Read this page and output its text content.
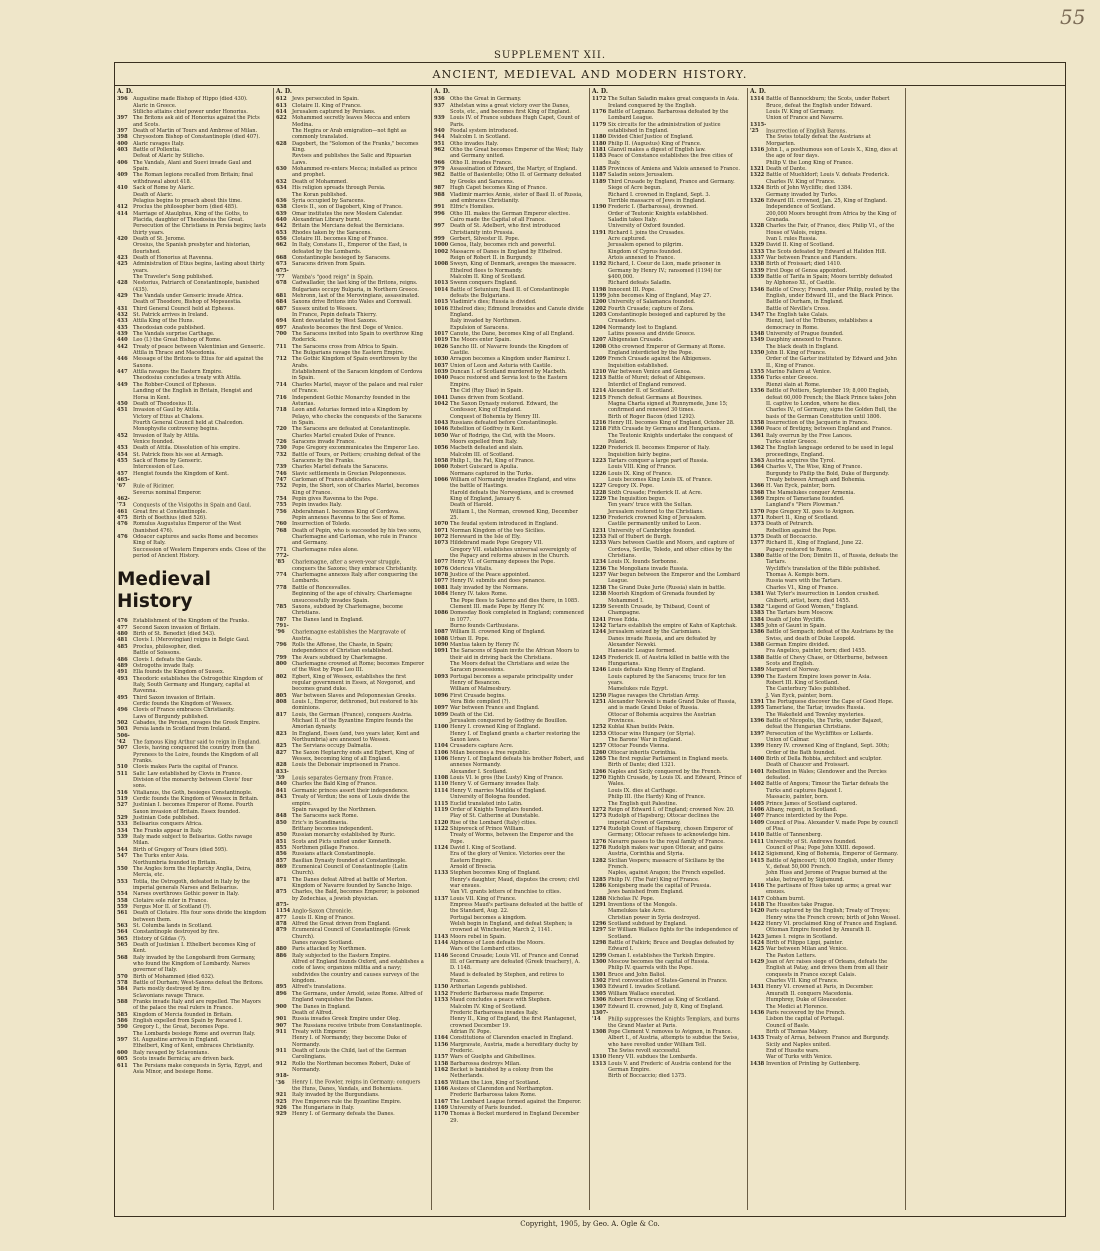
55
SUPPLEMENT XII.
ANCIENT, MEDIEVAL AND MODERN HISTORY.
A. D.
396 Augustine made Bishop of Hippo (died 430).
Alaric in Greece.
Stilicho attains chief power under Honorius.
397 The Britons ask aid of Honorius against the Picts and Scots.
397 Death of Martin of Tours and Ambrose of Milan.
398 Chrysostom Bishop of Constantinople (died 407).
400 Alaric ravages Italy.
403 Battle of Pollentia.
Defeat of Alaric by Stilicho.
406 The Vandals, Alani and Suevi invade Gaul and Spain.
409 The Roman legions recalled from Britain; final withdrawal about 418.
410 Sack of Rome by Alaric.
Death of Alaric.
Pelagius begins to preach about this time.
412 Proclus the philosopher born (died 485).
414 Marriage of Ataulphus, King of the Goths, to Placida, daughter of Theodosius the Great.
Persecution of the Christians in Persia begins; lasts thirty years.
420 Death of St. Jerome.
Orosius, the Spanish presbyter and historian, flourished.
423 Death of Honorius at Ravenna.
425 Administration of Etius begins, lasting about thirty years.
The Traveler's Song published.
428 Nestorius, Patriarch of Constantinople, banished (435).
429 The Vandals under Genseric invade Africa.
Death of Theodore, Bishop of Mopsuestia.
431 Third General Council held at Ephesus.
432 St. Patrick arrives in Ireland.
433 Attila King of the Huns.
435 Theodosian code published.
439 The Vandals surprise Carthage.
440 Leo (I.) the Great Bishop of Rome.
442 Treaty of peace between Valentinian and Genseric.
Attila in Thrace and Macedonia.
446 Message of the Britons to Etius for aid against the Saxons.
447 Attila ravages the Eastern Empire.
Theodosius concludes a treaty with Attila.
449 The Robber-Council of Ephesus.
Landing of the English in Britain, Hengist and Horsa in Kent.
450 Death of Theodosius II.
451 Invasion of Gaul by Attila.
Victory of Etius at Chalons.
Fourth General Council held at Chalcedon.
Monophysite controversy begins.
452 Invasion of Italy by Attila.
Venice founded.
453 Death of Attila. Dissolution of his empire.
454 St. Patrick fixes his see at Armagh.
455 Sack of Rome by Genseric.
Intercession of Leo.
457 Hengist founds the Kingdom of Kent.
465-'67 Rule of Ricimer.
Severus nominal Emperor.
462-'73 Conquests of the Visigoths in Spain and Gaul.
461 Great fire at Constantinople.
475 Birth of Boethius (died 526).
476 Romulus Augustulus Emperor of the West (banished 476).
476 Odoacer captures and sacks Rome and becomes King of Italy.
Succession of Western Emperors ends. Close of the period of Ancient History.
Medieval History
476 Establishment of the Kingdom of the Franks.
477 Second Saxon invasion of Britain.
480 Birth of St. Benedict (died 543).
481 Clovis I. (Merovingian) reigns in Belgic Gaul.
485 Proclus, philosopher, died.
Battle of Soissons.
486 Clovis I. defeats the Gauls.
489 Ostrogoths invade Italy.
491 Ella founds the Kingdom of Sussex.
493 Theodoric establishes the Ostrogothic Kingdom of Italy, South Germany and Hungary, capital at Ravenna.
495 Third Saxon invasion of Britain.
Cerdic founds the Kingdom of Wessex.
496 Clovis of France embraces Christianity.
Laws of Burgundy published.
502 Cabades, the Persian, ravages the Greek Empire.
503 Persia lands in Scotland from Ireland.
506-'42 The famous King Arthur said to reign in England.
507 Clovis, having conquered the country from the Pyrenees to the Loire, founds the Kingdom of all Franks.
510 Clovis makes Paris the capital of France.
511 Salic Law established by Clovis in France.
Division of the monarchy between Clovis' four sons.
516 Vitalianus, the Goth, besieges Constantinople.
519 Cerdic founds the Kingdom of Wessex in Britain.
527 Justinian I. becomes Emperor of Rome. Fourth Saxon invasion of Britain. Essex founded.
529 Justinian Code published.
533 Belisarius conquers Africa.
534 The Franks appear in Italy.
539 Italy made subject to Belisarius. Goths ravage Milan.
544 Birth of Gregory of Tours (died 595).
547 The Turks enter Asia.
Northumbria founded in Britain.
550 The Angles form the Heptarchy Anglia, Deira, Mercia, etc.
553 Totila, the Ostrogoth, defeated in Italy by the imperial generals Narses and Belisarius.
554 Narses overthrows Gothic power in Italy.
558 Clotaire sole ruler in France.
559 Fergus Mor II. of Scotland (?).
561 Death of Clotaire. His four sons divide the kingdom between them.
563 St. Columba lands in Scotland.
564 Constantinople destroyed by fire.
565 History of Gildas (?).
565 Death of Justinian I. Ethelbert becomes King of Kent.
568 Italy invaded by the Longobardi from Germany, who found the Kingdom of Lombardy. Narses governor of Italy.
570 Birth of Mohammed (died 632).
578 Battle of Durham; West-Saxons defeat the Britons.
584 Paris mostly destroyed by fire.
Sclavonians ravage Thrace.
588 Franks invade Italy and are repelled. The Mayors of the palace the real rulers in France.
585 Kingdom of Mercia founded in Britain.
586 English expelled from Spain by Recared I.
590 Gregory I., the Great, becomes Pope.
The Lombards besiege Rome and overrun Italy.
597 St. Augustine arrives in England.
Ethelbert, King of Kent, embraces Christianity.
600 Italy ravaged by Sclavonians.
605 Scots invade Bernicia; are driven back.
611 The Persians make conquests in Syria, Egypt, and Asia Minor, and besiege Rome.
A. D.
612 Jews persecuted in Spain.
613 Clotaire II. King of France.
614 Jerusalem captured by Persians.
622 Mohammed secretly leaves Mecca and enters Medina.
The Hegira or Arab emigration—not fight as commonly translated.
628 Dagobert, the "Solomon of the Franks," becomes King.
Revises and publishes the Salic and Ripuarian Laws.
630 Mohammed re-enters Mecca; installed as prince and prophet.
632 Death of Mohammed.
634 His religion spreads through Persia.
The Koran published.
636 Syria occupied by Saracens.
638 Clovis II., son of Dagobert, King of France.
639 Omar institutes the new Moslem Calendar.
640 Alexandrian Library burnt.
642 Britain the Mercians defeat the Bernicians.
653 Rhodes taken by the Saracens.
656 Clotaire III. becomes King of France.
662 In Italy, Constans II., Emperor of the East, is defeated by the Lombards.
668 Constantinople besieged by Saracens.
673 Saracens driven from Spain.
675-'77 Wamba's "good reign" in Spain.
678 Cadwallader, the last king of the Britons, reigns.
Bulgarians occupy Bulgaria, in Northern Greece.
681 Mehronn, last of the Merovingians, assassinated.
684 Saxons drive Britons into Wales and Cornwall.
687 Sussex united to Wessex.
In France, Pepin defeats Thierry.
694 Kent devastated by West Saxons.
697 Anafesto becomes the first Doge of Venice.
700 The Saracens invited into Spain to overthrow King Roderick.
711 The Saracens cross from Africa to Spain.
The Bulgarians ravage the Eastern Empire.
712 The Gothic Kingdom of Spain overthrown by the Arabs.
Establishment of the Saracen kingdom of Cordova in Spain.
714 Charles Martel, mayor of the palace and real ruler of France.
716 Independent Gothic Monarchy founded in the Asturias.
718 Leon and Asturias formed into a Kingdom by Pelayo, who checks the conquests of the Saracens in Spain.
720 The Saracens are defeated at Constantinople.
Charles Martel created Duke of France.
726 Saracens invade France.
730 Pope Gregory excommunicates the Emperor Leo.
732 Battle of Tours, or Poitiers; crushing defeat of the Saracens by the Franks.
739 Charles Martel defeats the Saracens.
746 Slavic settlements in Grecian Peloponnesus.
747 Carloman of France abdicates.
752 Pepin, the Short, son of Charles Martel, becomes King of France.
754 Pepin gives Ravenna to the Pope.
755 Pepin invades Italy.
756 Abderahman I. becomes King of Cordova.
Pepin annexes Ravenna to the See of Rome.
760 Insurrection of Toledo.
768 Death of Pepin, who is succeeded by his two sons, Charlemagne and Carloman, who rule in France and Germany.
771 Charlemagne rules alone.
772-'85 Charlemagne, after a seven-year struggle, conquers the Saxons; they embrace Christianity.
774 Charlemagne annexes Italy after conquering the Lombards.
778 Battle of Roncesvalles.
Beginning of the age of chivalry. Charlemagne unsuccessfully invades Spain.
785 Saxons, subdued by Charlemagne, become Christians.
787 The Danes land in England.
791-'96 Charlemagne establishes the Margravate of Austria.
796 Rolls the Affonse, the Chaste, in Spain; independence of Christian established.
799 The Avars subdued by Charlemagne.
800 Charlemagne crowned at Rome; becomes Emperor of the West by Pope Leo III.
802 Egbert, King of Wessex, establishes the first regular government in Essex, at Novgorod, and becomes grand duke.
805 War between Slaves and Peloponnesian Greeks.
808 Louis I., Emperor, dethroned, but restored to his dominions.
817 Louis, the German (France), conquers Austria.
Michael II. of the Byzantine Empire founds the Amorian dynasty.
823 In England, Essex (and, two years later, Kent and Northumbria) are annexed to Wessex.
825 The Servians occupy Dalmatia.
827 The Saxon Heptarchy ends and Egbert, King of Wessex, becoming king of all England.
828 Louis the Debonair imprisoned in France.
833-'39 Louis separates Germany from France.
840 Charles the Bald King of France.
841 Germanic princes assert their independence.
843 Treaty of Verdun; the sons of Louis divide the empire.
Spain ravaged by the Northmen.
848 The Saracens sack Rome.
850 Eric's in Scandinavia.
Brittany becomes independent.
850 Russian monarchy established by Ruric.
851 Scots and Picts united under Kenneth.
855 Northmen pillage France.
856 Russians attack Constantinople.
857 Basilian Dynasty founded at Constantinople.
869 Ecumenical Council of Constantinople (Latin Church).
871 The Danes defeat Alfred at battle of Merton.
Kingdom of Navarre founded by Sancho Inigo.
875 Charles, the Bald, becomes Emperor; is poisoned by Zedechias, a Jewish physician.
875-1154 Anglo-Saxon Chronicle.
877 Louis II. King of France.
878 Alfred the Great driven from England.
879 Ecumenical Council of Constantinople (Greek Church).
Danes ravage Scotland.
880 Paris attacked by Northmen.
886 Italy subjected to the Eastern Empire.
Alfred of England founds Oxford, and establishes a code of laws; organizes militia and a navy; subdivides the country and causes surveys of the kingdom.
895 Alfred's translations.
896 The Germans, under Arnold, seize Rome. Alfred of England vanquishes the Danes.
900 The Danes in England.
Death of Alfred.
901 Russia invades Greek Empire under Oleg.
907 The Russians receive tribute from Constantinople.
911 Treaty with Emperor.
Henry I. of Normandy; they become Duke of Normandy.
911 Death of Louis the Child, last of the German Carolingians.
912 Rollo the Northman becomes Robert, Duke of Normandy.
918-'36 Henry I. the Fowler, reigns in Germany; conquers the Huns, Danes, Vandals, and Bohemians.
921 Italy invaded by the Burgundians.
925 Five Emperors rule the Byzantine Empire.
926 The Hungarians in Italy.
929 Henry I. of Germany defeats the Danes.
A. D.
936 Otho the Great in Germany.
937 Athelstan wins a great victory over the Danes, Scots, etc., and becomes first King of England.
939 Louis IV. of France subdues Hugh Capet, Count of Paris.
940 Feodal system introduced.
944 Malcolm I. in Scotland.
951 Otho invades Italy.
962 Otho the Great becomes Emperor of the West; Italy and Germany united.
966 Otho II. invades France.
979 Assassination of Edward, the Martyr, of England.
982 Battle of Basientello; Otho II. of Germany defeated by Greeks and Saracens.
987 Hugh Capet becomes King of France.
988 Vladimir marries Annie, sister of Basil II. of Russia, and embraces Christianity.
991 Elfric's Homilies.
996 Otho III. makes the German Emperor elective.
Cairo made the Capital of all France.
997 Death of St. Adelbert, who first introduced Christianity into Prussia.
999 Gerbert, Silvester II. Pope.
1000 Genoa, Italy, becomes rich and powerful.
1002 Massacre of Danes in England by Ethelred.
Reign of Robert II. in Burgundy.
1008 Sweyn, King of Denmark, avenges the massacre.
Ethelred flees to Normandy.
Malcolm II. King of Scotland.
1013 Swenn conquers England.
1014 Battle of Setunium; Basil II. of Constantinople defeats the Bulgarians.
1015 Vladimir's dies; Russia is divided.
1016 Ethelred dies; Edmund Ironsides and Canute divide England.
Italy invaded by Northmen.
Expulsion of Saracens.
1017 Canute, the Dane, becomes King of all England.
1019 The Moors enter Spain.
1026 Sancho III. of Navarre founds the Kingdom of Castile.
1030 Arragon becomes a Kingdom under Ramirez I.
1037 Union of Leon and Asturia with Castile.
1039 Duncan I. of Scotland murdered by Macbeth.
1040 Peace restored and Servia lost to the Eastern Empire.
The Cid (Ruy Diaz) in Spain.
1041 Danes driven from Scotland.
1042 The Saxon Dynasty restored. Edward, the Confessor, King of England.
Conquest of Bohemia by Henry III.
1043 Russians defeated before Constantinople.
1046 Rebellion of Godfrey in Kent.
1050 War of Rodrigo, the Cid, with the Moors.
Moors expelled from Italy.
1056 Macbeth defeated and slain.
Malcolm III. of Scotland.
1058 Philip I., the Fat, King of France.
1060 Robert Guiscard is Apulia.
Normans captured in the Turks.
1066 William of Normandy invades England, and wins the battle of Hastings.
Harold defeats the Norwegians, and is crowned King of England, January 6.
Death of Harold.
William I., the Norman, crowned King, December 25.
1070 The feudal system introduced in England.
1071 Norman Kingdom of the two Sicilies.
1072 Hereward in the Isle of Ely.
1073 Hildebrand made Pope Gregory VII.
Gregory VII. establishes universal sovereignty of the Papacy and reforms abuses in the Church.
1077 Henry VI. of Germany deposes the Pope.
1076 Odericus Vitalis.
1078 Justice of the Peace appointed.
1077 Henry IV. submits and does penance.
1081 Italy invaded by the Normans.
1084 Henry IV. takes Rome.
The Pope flees to Salerno and dies there, in 1085.
Clement III. made Pope by Henry IV.
1086 Domesday Book completed in England; commenced in 1077.
Burno founds Carthusians.
1087 William II. crowned King of England.
1088 Urban II. Pope.
1090 Mantua taken by Henry IV.
1091 The Saracens of Spain invite the African Moors to their aid in driving back the Christians.
The Moors defeat the Christians and seize the Saracen possessions.
1093 Portugal becomes a separate principality under Henry of Besancon.
William of Malmesbury.
1096 First Crusade begins.
Vera Bide compiled (?).
1097 War between France and England.
1099 Death of the Cid.
Jerusalem conquered by Godfrey de Bouillon.
1100 Henry I. crowned King of England.
Henry I. of England grants a charter restoring the Saxon laws.
1104 Crusaders capture Acre.
1106 Milan becomes a free republic.
1106 Henry I. of England defeats his brother Robert, and annexes Normandy.
Alexander I. Scotland.
1108 Louis VI. le gros (the Lusty) King of France.
1110 Henry V. of Germany invades Italy.
1114 Henry V. marries Matilda of England.
University of Bologna founded.
1115 Euclid translated into Latin.
1119 Order of Knights Templars founded.
Play of St. Catherine at Dunstable.
1120 Rise of the Lombard (Italy) cities.
1122 Shipwreck of Prince William.
Treaty of Worms, between the Emperor and the Pope.
1124 David I. King of Scotland.
Era of the glory of Venice. Victories over the Eastern Empire.
Arnold of Brescia.
1133 Stephen becomes King of England.
Henry's daughter, Maud, disputes the crown; civil war ensues.
Van VI. grants letters of franchise to cities.
1137 Louis VII. King of France.
Empress Maud's partisans defeated at the battle of the Standard, Aug. 22.
Portugal becomes a kingdom.
Welsh begin in England, and defeat Stephen; is crowned at Winchester, March 2, 1141.
1143 Moors rebel in Spain.
1144 Alphonso of Leon defeats the Moors.
Wars of the Lombard cities.
1146 Second Crusade; Louis VII. of France and Conrad III. of Germany are defeated (Greek treachery), A. D. 1148.
Maud is defeated by Stephen, and retires to France.
1150 Arthurian Legends published.
1152 Frederic Barbarossa made Emperor.
1153 Maud concludes a peace with Stephen.
Malcolm IV. King of Scotland.
Frederic Barbarossa invades Italy.
Henry II., King of England, the first Plantagenet, crowned December 19.
Adrian IV. Pope.
1164 Constitutions of Clarendon enacted in England.
1156 Margravate, Austria, made a hereditary duchy by Frederic.
1157 Wars of Guelphs and Ghibellines.
1158 Barbarossa destroys Milan.
1162 Becket is banished by a colony from the Netherlands.
1165 William the Lion, King of Scotland.
1166 Assizes of Clarendon and Northampton.
Frederic Barbarossa takes Rome.
1167 The Lombard League formed against the Emperor.
1169 University of Paris founded.
1170 Thomas à Becket murdered in England December 29.
A. D.
1172 The Sultan Saladin makes great conquests in Asia.
Ireland conquered by the English.
1176 Battle of Legnano. Barbarossa defeated by the Lombard League.
1179 Six circuits for the administration of justice established in England.
1180 Divided Chief Justice of England.
1180 Philip II. (Augustus) King of France.
1181 Glanvil makes a digest of English law.
1183 Peace of Constance establishes the free cities of Italy.
1185 Provinces of Amiens and Valois annexed to France.
1187 Saladin seizes Jerusalem.
1189 Third Crusade by England, France and Germany.
Siege of Acre begun.
Richard I. crowned in England, Sept. 3.
Terrible massacre of Jews in England.
1190 Frederic I. (Barbarossa), drowned.
Order of Teutonic Knights established.
Saladin takes Italy.
University of Oxford founded.
1191 Richard I. joins the Crusades.
Acre captured.
Jerusalem opened to pilgrim.
Kingdom of Cyprus founded.
Artois annexed to France.
1192 Richard, I. Coeur de Lion, made prisoner in Germany by Henry IV.; ransomed (1194) for $400,000.
Richard defeats Saladin.
1198 Innocent III. Pope.
1199 John becomes King of England, May 27.
1200 University of Salamanca founded.
1202 Fourth Crusade; capture of Zora.
1203 Constantinople besieged and captured by the Crusaders.
1204 Normandy lost to England.
Latins possess and divide Greece.
1207 Albigensian Crusade.
1208 Otho crowned Emperor of Germany at Rome.
England interdicted by the Pope.
1209 French Crusade against the Albigenses.
Inquisition established.
1210 War between Venice and Genoa.
1213 Battle of Muret; defeat of Albigenses.
Interdict of England removed.
1214 Alexander II. of Scotland.
1215 French defeat Germans at Bouvines.
Magna Charta signed at Runnymede, June 15; confirmed and renewed 30 times.
Birth of Roger Bacon (died 1292).
1216 Henry III. becomes King of England, October 28.
1218 Fifth Crusade by Germans and Hungarians.
The Teutonic Knights undertake the conquest of Poland.
1220 Frederick II. becomes Emperor of Italy.
Inquisition fairly begins.
1223 Tartars conquer a large part of Russia.
Louis VIII. King of France.
1226 Louis IX. King of France.
Louis becomes King Louis IX. of France.
1227 Gregory IX. Pope.
1228 Sixth Crusade; Frederick II. at Acre.
1229 The Inquisition begun.
Ten years' truce with the Sultan.
Jerusalem restored to the Christians.
1230 Frederick crowned King of Jerusalem.
Castile permanently united to Leon.
1231 University of Cambridge founded.
1233 Fall of Hubert de Burgh.
1233 Wars between Castile and Moors, and capture of Cordova, Seville, Toledo, and other cities by the Christians.
1234 Louis IX. founds Sorbonne.
1236 The Mongolians invade Russia.
1237 War begun between the Emperor and the Lombard League.
1238 The Grand Duke Jurie (Russia) slain in battle.
1238 Moorish Kingdom of Grenada founded by Mohammed I.
1239 Seventh Crusade, by Thibaud, Count of Champagne.
1241 Prose Edda.
1242 Tartars establish the empire of Kahn of Kaptchak.
1244 Jerusalem seized by the Carismians.
Danes invade Russia, and are defeated by Alexander Newski.
Hanseatic League formed.
1245 Frederick II. of Austria killed in battle with the Hungarians.
1246 Louis defeats King Henry of England.
Louis captured by the Saracens; truce for ten years.
Mamelukes rule Egypt.
1250 Plague ravages the Christian Army.
1251 Alexander Newski is made Grand Duke of Russia, and is made Grand Duke of Russia.
Ottocar of Bohemia acquires the Austrian Provinces.
1252 Kublai Khan builds Pekin.
1253 Ottocar wins Hungary (or Styria).
The Barons' War in England.
1257 Ottocar Founds Vienna.
1260 Ottocar inherits Corinthia.
1265 The first regular Parliament in England meets.
Birth of Dante; died 1321.
1266 Naples and Sicily conquered by the French.
1270 Eighth Crusade, by Louis IX. and Edward, Prince of Wales.
Louis IX. dies at Carthage.
Philip III. (the Hardy) King of France.
The English quit Palestine.
1272 Reign of Edward I. of England; crowned Nov. 20.
1273 Rudolph of Hapsburg; Ottocar declines the imperial Crown of Germany.
1274 Rudolph Count of Hapsburg, chosen Emperor of Germany; Ottocar refuses to acknowledge him.
1276 Navarre passes to the royal family of France.
1278 Rudolph makes war upon Ottocar, and gains Austria, Corinthia and Styria.
1282 Sicilian Vespers; massacre of Sicilians by the French.
Naples, against Aragon; the French expelled.
1285 Philip IV. (The Fair) King of France.
1286 Konigsberg made the capital of Prussia.
Jews banished from England.
1288 Nicholas IV. Pope.
1291 Inventions of the Mongols.
Mamelukes take Acre.
Christian power in Syria destroyed.
1296 Scotland subdued by England.
1297 Sir William Wallace fights for the independence of Scotland.
1298 Battle of Falkirk; Bruce and Douglas defeated by Edward I.
1299 Osman I. establishes the Turkish Empire.
1300 Moscow becomes the capital of Russia.
Philip IV. quarrels with the Pope.
1301 Bruce and John Baliol.
1302 First convocation of States-General in France.
1303 Edward I. invades Scotland.
1305 William Wallace executed.
1306 Robert Bruce crowned as King of Scotland.
1307 Edward II. crowned, July 8, King of England.
1307-'14 Philip suppresses the Knights Templars, and burns the Grand Master at Paris.
1308 Pope Clement V. removes to Avignon, in France.
Albert I., of Austria, attempts to subdue the Swiss, who have revolted under William Tell.
The Swiss revolt successful.
1310 Henry VII. subdues the Lombards.
1313 Louis V. and Frederic of Austria contend for the German Empire.
Birth of Boccaccio; died 1375.
A. D.
1314 Battle of Bannockburn; the Scots, under Robert Bruce, defeat the English under Edward.
Louis IV. King of Germany.
Union of France and Navarre.
1315-'25 Insurrection of English Barons.
The Swiss totally defeat the Austrians at Morgarten.
1316 John I., a posthumous son of Louis X., King, dies at the age of four days.
Philip V. the Long King of France.
1321 Death of Dante.
1322 Battle of Muehldorf; Louis V. defeats Frederick.
Charles IV. King of France.
1324 Birth of John Wycliffe; died 1384.
Germany invaded by Turks.
1326 Edward III. crowned, Jan. 25, King of England.
Independence of Scotland.
200,000 Moors brought from Africa by the King of Granada.
1328 Charles the Fair, of France, dies; Philip VI., of the House of Valois, reigns.
Ivan I. rules Russia.
1329 David II. King of Scotland.
1333 The Scots defeated by Edward at Halidon Hill.
1337 War between France and Flanders.
1338 Birth of Froissart; died 1410.
1339 First Doge of Genoa appointed.
1339 Battle of Tarifa in Spain; Moors terribly defeated by Alphonso XI., of Castile.
1346 Battle of Crecy; French, under Philip, routed by the English, under Edward III., and the Black Prince.
Battle of Durham, in England.
Battle of Neville's Cross.
1347 The English take Calais.
Rienzi, last of the Tribunes, establishes a democracy in Rome.
1348 University of Prague founded.
1349 Dauphiny annexed to France.
The black death in England.
1350 John II. King of France.
Order of the Garter instituted by Edward and John II., King of France.
1355 Marino Faliero at Venice.
1356 Turks enter Greece.
Rienzi slain at Rome.
1356 Battle of Poitiers, September 19; 8,000 English, defeat 60,000 French; the Black Prince takes John II. captive to London, where he dies.
Charles IV., of Germany, signs the Golden Bull, the basis of the German Constitution until 1806.
1358 Insurrection of the Jacquerie in France.
1360 Peace of Bretigny, between England and France.
1361 Italy overrun by the Free Lances.
Turks enter Greece.
1362 The English language ordered to be used in legal proceedings, England.
1363 Austria acquires the Tyrol.
1364 Charles V., The Wise, King of France.
Burgundy to Philip the Bold, Duke of Burgundy.
Treaty between Armagh and Bohemia.
1366 H. Van Eyck, painter, born.
1368 The Mamelukes conquer Armenia.
1369 Empire of Tamerlane founded.
Langland's "Piers Plowman."
1370 Pope Gregory XI. goes to Avignon.
1371 Robert II., King of Scotland.
1373 Death of Petrarch.
Rebellion against the Pope.
1375 Death of Boccaccio.
1377 Richard II., King of England, June 22.
Papacy restored to Rome.
1380 Battle of the Don; Dimitri II., of Russia, defeats the Tartars.
Wycliffe's translation of the Bible published.
Thomas A. Kempis born.
Russia wars with the Tartars.
Charles VI., King of France.
1381 Wat Tyler's insurrection in London crushed.
Ghiberti, artist, born; died 1455.
1382 "Legend of Good Women," England.
1383 The Tartars burn Moscow.
1384 Death of John Wycliffe.
1385 John of Gaunt in Spain.
1386 Battle of Sempach; defeat of the Austrians by the Swiss, and death of Duke Leopold.
1388 German Empire divided.
Fra Angelico, painter, born; died 1455.
1388 Battle of Chevy Chase, or Otterburne, between Scots and English.
1389 Margaret of Norway.
1390 The Eastern Empire loses power in Asia.
Robert III. King of Scotland.
The Canterbury Tales published.
J. Van Eyck, painter, born.
1391 The Portuguese discover the Cape of Good Hope.
1395 Tamerlane, the Tartar, invades Russia.
The Wakefield and Townley mysteries.
1396 Battle of Nicopolis, the Turks, under Bajazet, defeat the Hungarian Christians.
1397 Persecution of the Wycliffites or Lollards.
Union of Calmar.
1399 Henry IV. crowned King of England, Sept. 30th; Order of the Bath founded.
1400 Birth of Della Robbia, architect and sculptor.
Death of Chaucer and Froissart.
1401 Rebellion in Wales; Glendower and the Percies defeated.
1402 Battle of Angora; Timour the Tartar defeats the Turks and captures Bajazet I.
Massacio, painter, born.
1405 Prince James of Scotland captured.
1406 Albany, regent, in Scotland.
1407 France interdicted by the Pope.
1409 Council of Pisa. Alexander V. made Pope by council of Pisa.
1410 Battle of Tannenberg.
1411 University of St. Andrews founded.
Council of Pisa; Pope John XXIII. deposed.
1412 Sigismund, King of Bohemia, Emperor of Germany.
1415 Battle of Agincourt; 10,000 English, under Henry V., defeat 50,000 French.
John Huss and Jerome of Prague burned at the stake, betrayed by Sigismund.
1416 The partisans of Huss take up arms; a great war ensues.
1417 Cobham burnt.
1418 The Hussites take Prague.
1420 Paris captured by the English; Treaty of Troyes; Henry wins the French crown; birth of John Wessel.
1422 Henry VI. proclaimed King of France and England.
Ottoman Empire founded by Amurath II.
1423 James I. reigns in Scotland.
1424 Birth of Filippo Lippi, painter.
1425 War between Milan and Venice.
The Paston Letters.
1429 Joan of Arc raises siege of Orleans, defeats the English at Patay, and drives them from all their conquests in France except Calais.
Charles VII. King of France.
1431 Henry VI. crowned at Paris, in December.
Amurath II. conquers Macedonia.
Humphrey, Duke of Gloucester.
The Medici at Florence.
1436 Paris recovered by the French.
Lisbon the capital of Portugal.
Council of Basle.
Birth of Thomas Malory.
1435 Treaty of Arras, between France and Burgundy.
Sicily and Naples united.
End of Hussite wars.
War of Turks with Venice.
1438 Invention of Printing by Guttenberg.
Copyright, 1905, by Geo. A. Ogle & Co.
